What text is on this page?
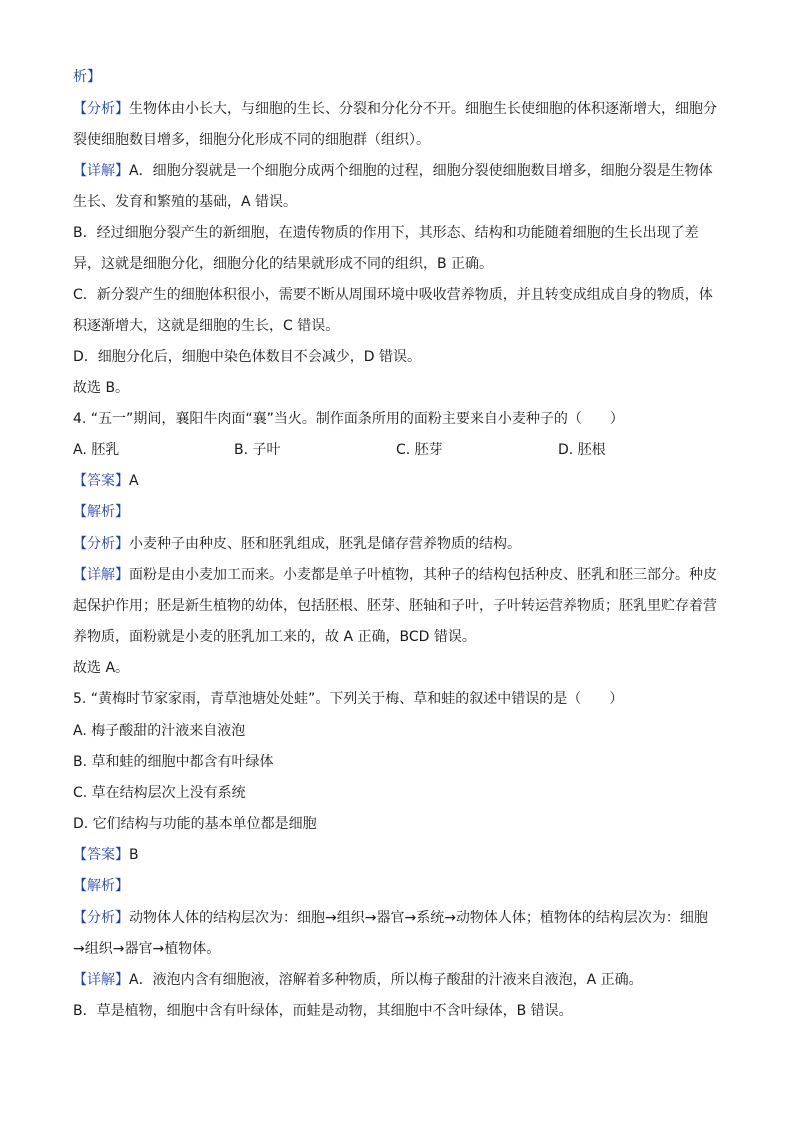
析】
【分析】生物体由小长大，与细胞的生长、分裂和分化分不开。细胞生长使细胞的体积逐渐增大，细胞分
裂使细胞数目增多，细胞分化形成不同的细胞群（组织）。
【详解】A．细胞分裂就是一个细胞分成两个细胞的过程，细胞分裂使细胞数目增多，细胞分裂是生物体
生长、发育和繁殖的基础，A 错误。
B．经过细胞分裂产生的新细胞，在遗传物质的作用下，其形态、结构和功能随着细胞的生长出现了差
异，这就是细胞分化，细胞分化的结果就形成不同的组织，B 正确。
C．新分裂产生的细胞体积很小，需要不断从周围环境中吸收营养物质，并且转变成组成自身的物质，体
积逐渐增大，这就是细胞的生长，C 错误。
D．细胞分化后，细胞中染色体数目不会减少，D 错误。
故选 B。
4. “五一”期间，襄阳牛肉面“襄”当火。制作面条所用的面粉主要来自小麦种子的（　　）
A. 胚乳	B. 子叶	C. 胚芽	D. 胚根
【答案】A
【解析】
【分析】小麦种子由种皮、胚和胚乳组成，胚乳是储存营养物质的结构。
【详解】面粉是由小麦加工而来。小麦都是单子叶植物，其种子的结构包括种皮、胚乳和胚三部分。种皮
起保护作用；胚是新生植物的幼体，包括胚根、胚芽、胚轴和子叶，子叶转运营养物质；胚乳里贮存着营
养物质，面粉就是小麦的胚乳加工来的，故 A 正确，BCD 错误。
故选 A。
5. “黄梅时节家家雨，青草池塘处处蛙”。下列关于梅、草和蛙的叙述中错误的是（　　）
A. 梅子酸甜的汁液来自液泡
B. 草和蛙的细胞中都含有叶绿体
C. 草在结构层次上没有系统
D. 它们结构与功能的基本单位都是细胞
【答案】B
【解析】
【分析】动物体人体的结构层次为：细胞→组织→器官→系统→动物体人体；植物体的结构层次为：细胞
→组织→器官→植物体。
【详解】A．液泡内含有细胞液，溶解着多种物质，所以梅子酸甜的汁液来自液泡，A 正确。
B．草是植物，细胞中含有叶绿体，而蛙是动物，其细胞中不含叶绿体，B 错误。
